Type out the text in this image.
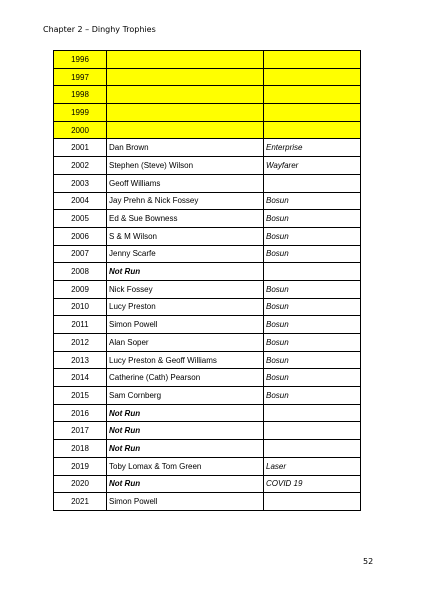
Chapter 2 – Dinghy Trophies
1996		
1997		
1998		
1999		
2000		
2001	Dan Brown	Enterprise
2002	Stephen (Steve) Wilson	Wayfarer
2003	Geoff Williams	
2004	Jay Prehn & Nick Fossey	Bosun
2005	Ed & Sue Bowness	Bosun
2006	S & M Wilson	Bosun
2007	Jenny Scarfe	Bosun
2008	Not Run	
2009	Nick Fossey	Bosun
2010	Lucy Preston	Bosun
2011	Simon Powell	Bosun
2012	Alan Soper	Bosun
2013	Lucy Preston & Geoff Williams	Bosun
2014	Catherine (Cath) Pearson	Bosun
2015	Sam Cornberg	Bosun
2016	Not Run	
2017	Not Run	
2018	Not Run	
2019	Toby Lomax & Tom Green	Laser
2020	Not Run	COVID 19
2021	Simon Powell	
52
